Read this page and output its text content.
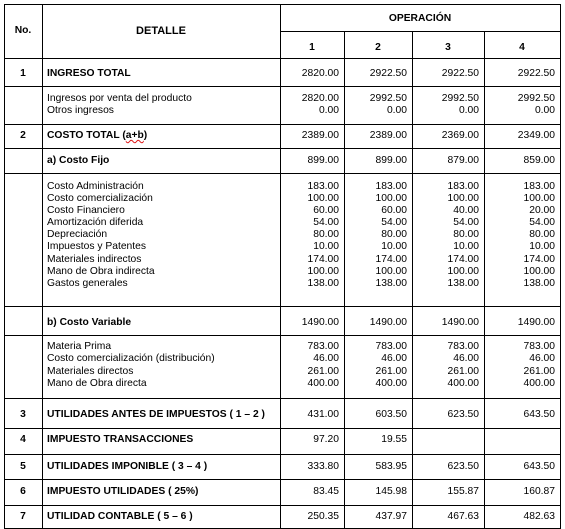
No.	DETALLE
OPERACIÓN
1	2	3	4
1	INGRESO TOTAL	2820.00	2922.50	2922.50	2922.50
Ingresos por venta del producto	2820.00	2992.50	2992.50	2992.50
Otros ingresos	0.00	0.00	0.00	0.00
2	COSTO TOTAL (a+b)	2389.00	2389.00	2369.00	2349.00
a) Costo Fijo	899.00	899.00	879.00	859.00
Costo Administración	183.00	183.00	183.00	183.00
Costo comercialización	100.00	100.00	100.00	100.00
Costo Financiero	60.00	60.00	40.00	20.00
Amortización diferida	54.00	54.00	54.00	54.00
Depreciación	80.00	80.00	80.00	80.00
Impuestos y Patentes	10.00	10.00	10.00	10.00
Materiales indirectos	174.00	174.00	174.00	174.00
Mano de Obra indirecta	100.00	100.00	100.00	100.00
Gastos generales	138.00	138.00	138.00	138.00
b) Costo Variable	1490.00	1490.00	1490.00	1490.00
Materia Prima	783.00	783.00	783.00	783.00
Costo comercialización (distribución)	46.00	46.00	46.00	46.00
Materiales directos	261.00	261.00	261.00	261.00
Mano de Obra directa	400.00	400.00	400.00	400.00
3	UTILIDADES ANTES DE IMPUESTOS ( 1 – 2 )	431.00	603.50	623.50	643.50
4	IMPUESTO TRANSACCIONES	97.20	19.55
5	UTILIDADES IMPONIBLE ( 3 – 4 )	333.80	583.95	623.50	643.50
6	IMPUESTO UTILIDADES ( 25%)	83.45	145.98	155.87	160.87
7	UTILIDAD CONTABLE ( 5 – 6 )	250.35	437.97	467.63	482.63
